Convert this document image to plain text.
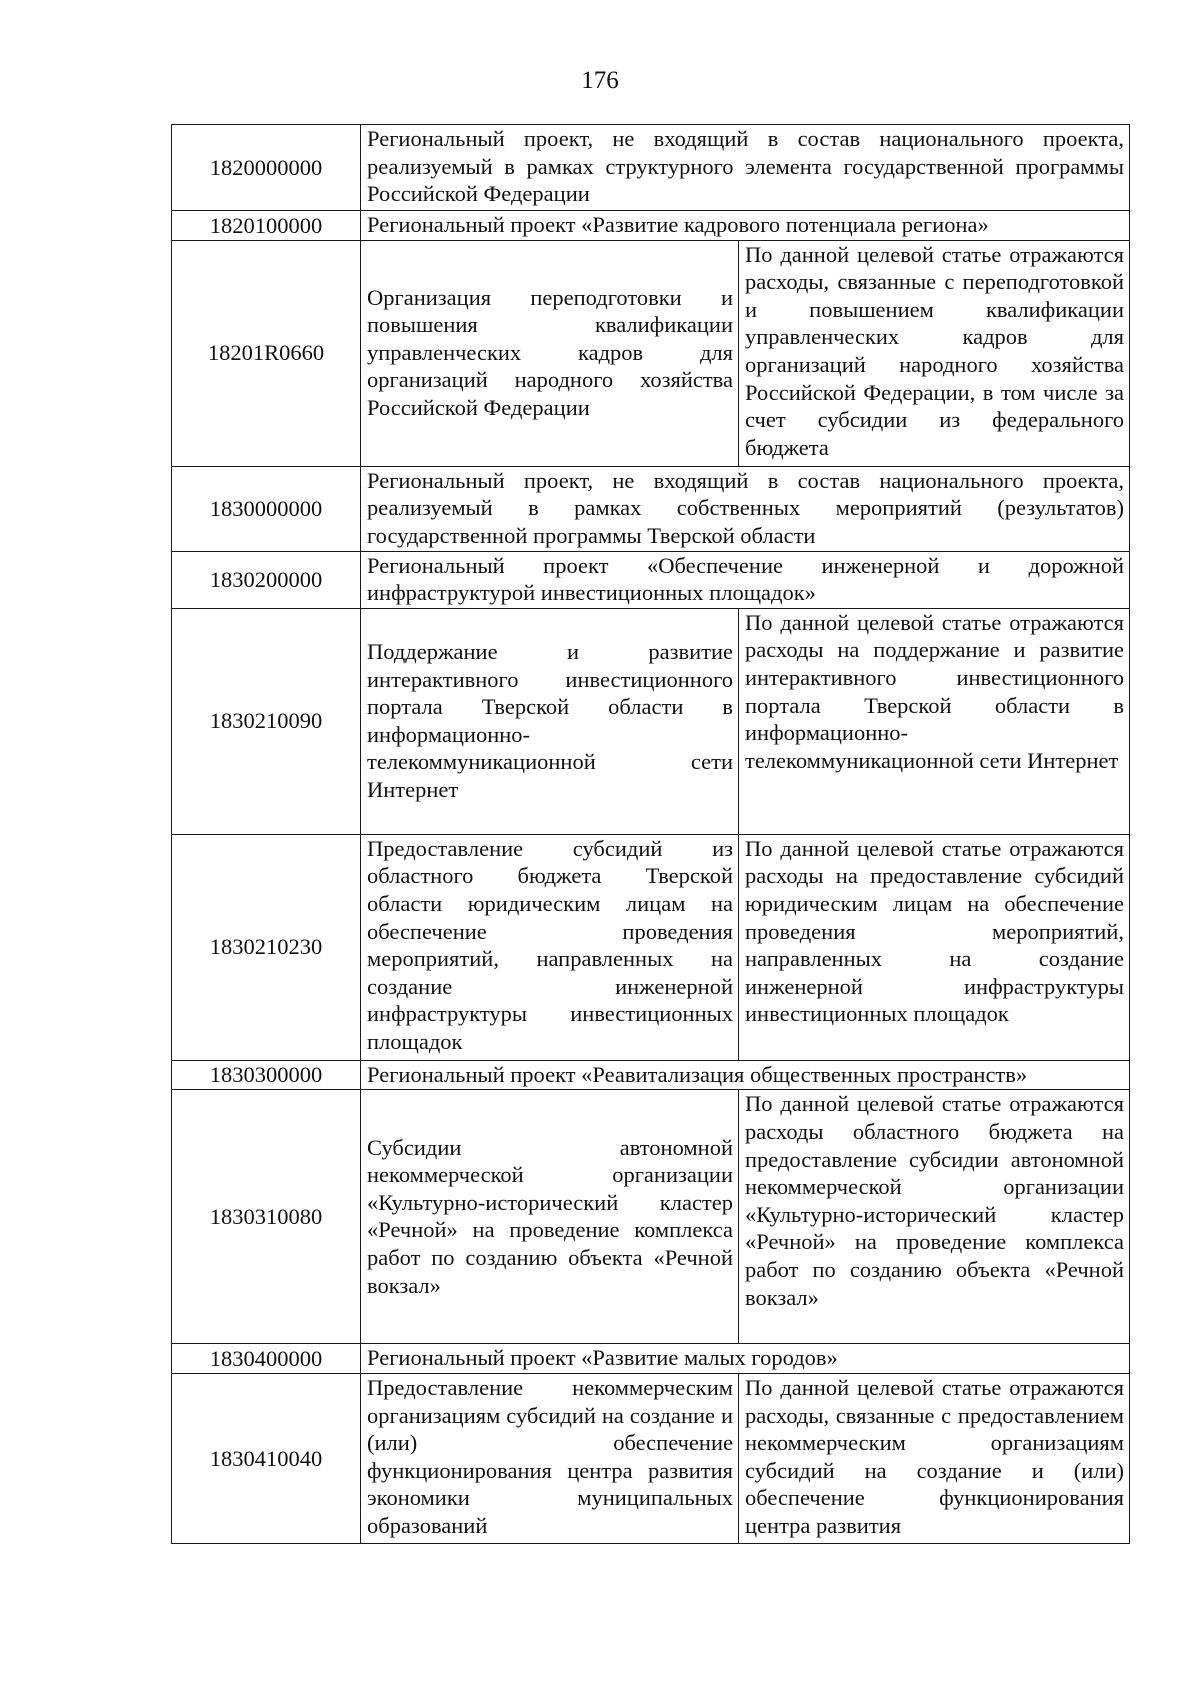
176
1820000000	Региональный проект, не входящий в состав национального проекта, реализуемый в рамках структурного элемента государственной программы Российской Федерации	
1820100000	Региональный проект «Развитие кадрового потенциала региона»	
18201R0660	Организация переподготовки и повышения квалификации управленческих кадров для организаций народного хозяйства Российской Федерации	По данной целевой статье отражаются расходы, связанные с переподготовкой и повышением квалификации управленческих кадров для организаций народного хозяйства Российской Федерации, в том числе за счет субсидии из федерального бюджета
1830000000	Региональный проект, не входящий в состав национального проекта, реализуемый в рамках собственных мероприятий (результатов) государственной программы Тверской области	
1830200000	Региональный проект «Обеспечение инженерной и дорожной инфраструктурой инвестиционных площадок»	
1830210090	Поддержание и развитие интерактивного инвестиционного портала Тверской области в информационно-телекоммуникационной сети Интернет	По данной целевой статье отражаются расходы на поддержание и развитие интерактивного инвестиционного портала Тверской области в информационно-телекоммуникационной сети Интернет
1830210230	Предоставление субсидий из областного бюджета Тверской области юридическим лицам на обеспечение проведения мероприятий, направленных на создание инженерной инфраструктуры инвестиционных площадок	По данной целевой статье отражаются расходы на предоставление субсидий юридическим лицам на обеспечение проведения мероприятий, направленных на создание инженерной инфраструктуры инвестиционных площадок
1830300000	Региональный проект «Реавитализация общественных пространств»	
1830310080	Субсидии автономной некоммерческой организации «Культурно-исторический кластер «Речной» на проведение комплекса работ по созданию объекта «Речной вокзал»	По данной целевой статье отражаются расходы областного бюджета на предоставление субсидии автономной некоммерческой организации «Культурно-исторический кластер «Речной» на проведение комплекса работ по созданию объекта «Речной вокзал»
1830400000	Региональный проект «Развитие малых городов»	
1830410040	Предоставление некоммерческим организациям субсидий на создание и (или) обеспечение функционирования центра развития экономики муниципальных образований	По данной целевой статье отражаются расходы, связанные с предоставлением некоммерческим организациям субсидий на создание и (или) обеспечение функционирования центра развития
